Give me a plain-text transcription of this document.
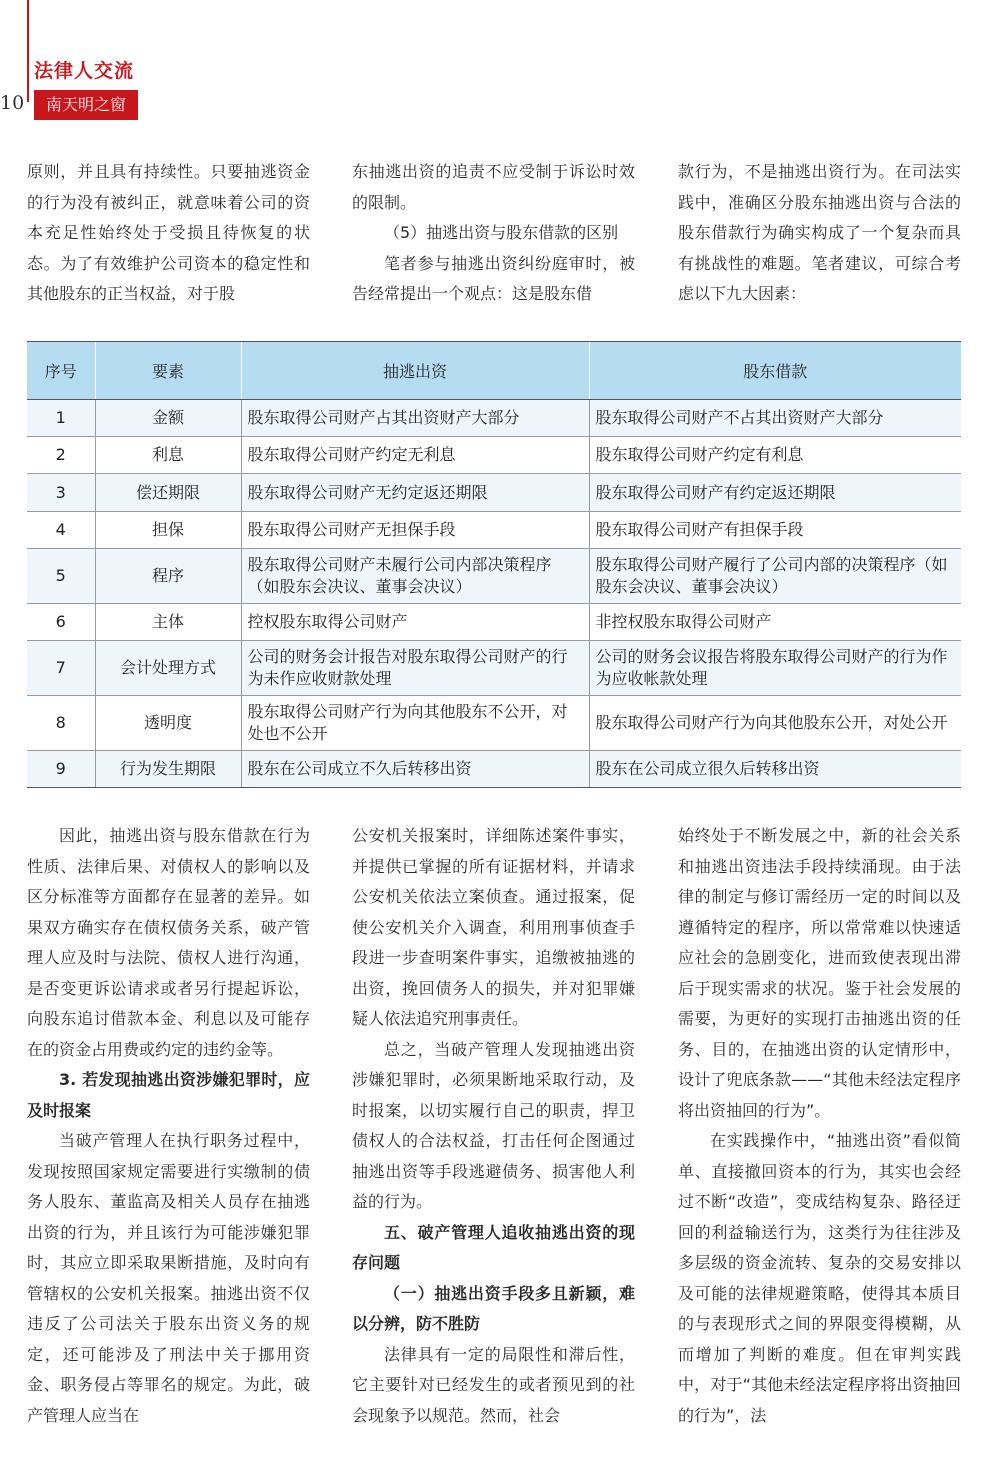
法律人交流
10	南天明之窗

原则，并且具有持续性。只要抽逃资金的行为没有被纠正，就意味着公司的资本充足性始终处于受损且待恢复的状态。为了有效维护公司资本的稳定性和其他股东的正当权益，对于股

东抽逃出资的追责不应受制于诉讼时效的限制。

（5）抽逃出资与股东借款的区别

笔者参与抽逃出资纠纷庭审时，被告经常提出一个观点：这是股东借

款行为，不是抽逃出资行为。在司法实践中，准确区分股东抽逃出资与合法的股东借款行为确实构成了一个复杂而具有挑战性的难题。笔者建议，可综合考虑以下九大因素：

序号	要素	抽逃出资	股东借款
1	金额	股东取得公司财产占其出资财产大部分	股东取得公司财产不占其出资财产大部分
2	利息	股东取得公司财产约定无利息	股东取得公司财产约定有利息
3	偿还期限	股东取得公司财产无约定返还期限	股东取得公司财产有约定返还期限
4	担保	股东取得公司财产无担保手段	股东取得公司财产有担保手段
5	程序	股东取得公司财产未履行公司内部决策程序（如股东会决议、董事会决议）	股东取得公司财产履行了公司内部的决策程序（如股东会决议、董事会决议）
6	主体	控权股东取得公司财产	非控权股东取得公司财产
7	会计处理方式	公司的财务会计报告对股东取得公司财产的行为未作应收财款处理	公司的财务会议报告将股东取得公司财产的行为作为应收帐款处理
8	透明度	股东取得公司财产行为向其他股东不公开，对处也不公开	股东取得公司财产行为向其他股东公开，对处公开
9	行为发生期限	股东在公司成立不久后转移出资	股东在公司成立很久后转移出资

因此，抽逃出资与股东借款在行为性质、法律后果、对债权人的影响以及区分标准等方面都存在显著的差异。如果双方确实存在债权债务关系，破产管理人应及时与法院、债权人进行沟通，是否变更诉讼请求或者另行提起诉讼，向股东追讨借款本金、利息以及可能存在的资金占用费或约定的违约金等。

3. 若发现抽逃出资涉嫌犯罪时，应及时报案

当破产管理人在执行职务过程中，发现按照国家规定需要进行实缴制的债务人股东、董监高及相关人员存在抽逃出资的行为，并且该行为可能涉嫌犯罪时，其应立即采取果断措施，及时向有管辖权的公安机关报案。抽逃出资不仅违反了公司法关于股东出资义务的规定，还可能涉及了刑法中关于挪用资金、职务侵占等罪名的规定。为此，破产管理人应当在

公安机关报案时，详细陈述案件事实，并提供已掌握的所有证据材料，并请求公安机关依法立案侦查。通过报案，促使公安机关介入调查，利用刑事侦查手段进一步查明案件事实，追缴被抽逃的出资，挽回债务人的损失，并对犯罪嫌疑人依法追究刑事责任。

总之，当破产管理人发现抽逃出资涉嫌犯罪时，必须果断地采取行动，及时报案，以切实履行自己的职责，捍卫债权人的合法权益，打击任何企图通过抽逃出资等手段逃避债务、损害他人利益的行为。

五、破产管理人追收抽逃出资的现存问题

（一）抽逃出资手段多且新颖，难以分辨，防不胜防

法律具有一定的局限性和滞后性，它主要针对已经发生的或者预见到的社会现象予以规范。然而，社会

始终处于不断发展之中，新的社会关系和抽逃出资违法手段持续涌现。由于法律的制定与修订需经历一定的时间以及遵循特定的程序，所以常常难以快速适应社会的急剧变化，进而致使表现出滞后于现实需求的状况。鉴于社会发展的需要，为更好的实现打击抽逃出资的任务、目的，在抽逃出资的认定情形中，设计了兜底条款——“其他未经法定程序将出资抽回的行为”。

在实践操作中，“抽逃出资”看似简单、直接撤回资本的行为，其实也会经过不断“改造”，变成结构复杂、路径迂回的利益输送行为，这类行为往往涉及多层级的资金流转、复杂的交易安排以及可能的法律规避策略，使得其本质目的与表现形式之间的界限变得模糊，从而增加了判断的难度。但在审判实践中，对于“其他未经法定程序将出资抽回的行为”，法
